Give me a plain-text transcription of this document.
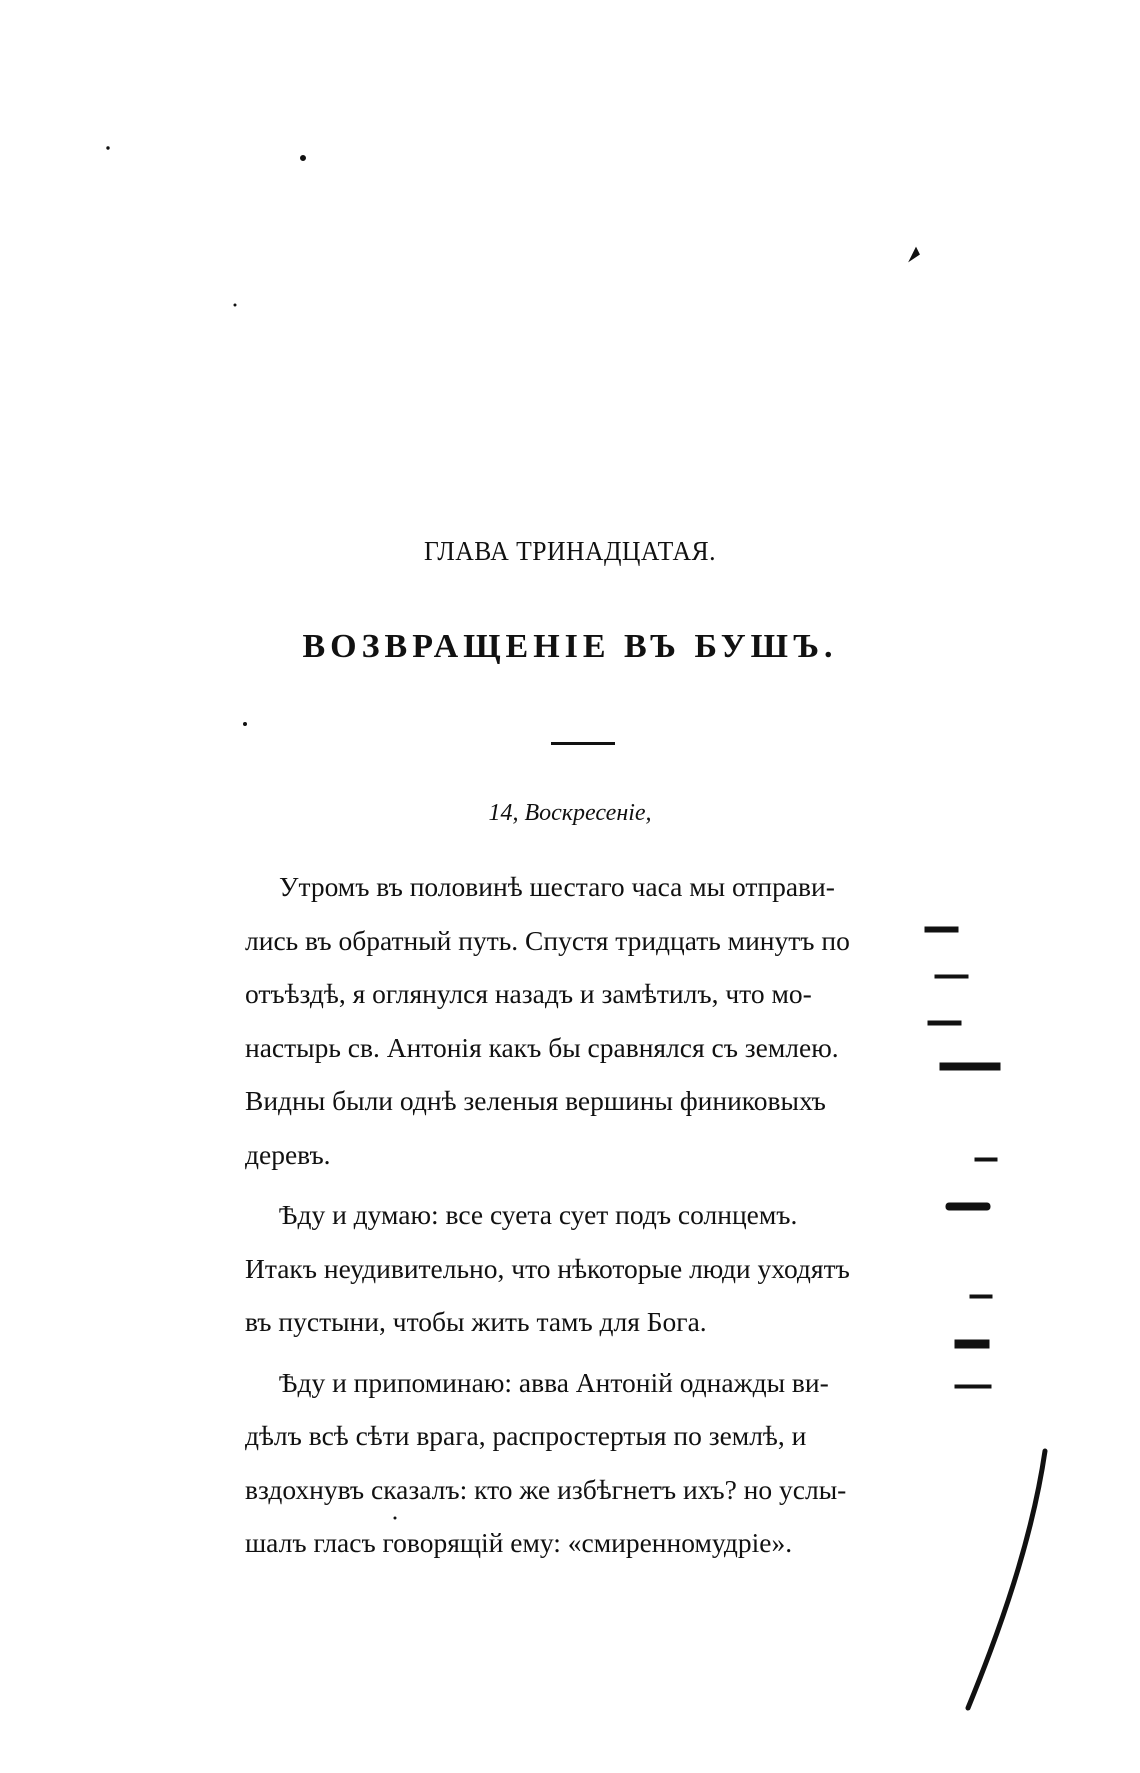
ГЛАВА ТРИНАДЦАТАЯ.
ВОЗВРАЩЕНІЕ ВЪ БУШЪ.
14, Воскресеніе,
Утромъ въ половинѣ шестаго часа мы отправи-
лись въ обратный путь. Спустя тридцать минутъ по
отъѣздѣ, я оглянулся назадъ и замѣтилъ, что мо-
настырь св. Антонія какъ бы сравнялся съ землею.
Видны были однѣ зеленыя вершины финиковыхъ
деревъ.
Ѣду и думаю: все суета сует подъ солнцемъ.
Итакъ неудивительно, что нѣкоторые люди уходятъ
въ пустыни, чтобы жить тамъ для Бога.
Ѣду и припоминаю: авва Антоній однажды ви-
дѣлъ всѣ сѣти врага, распростертыя по землѣ, и
вздохнувъ сказалъ: кто же избѣгнетъ ихъ? но услы-
шалъ гласъ говорящій ему: «смиренномудріе».
